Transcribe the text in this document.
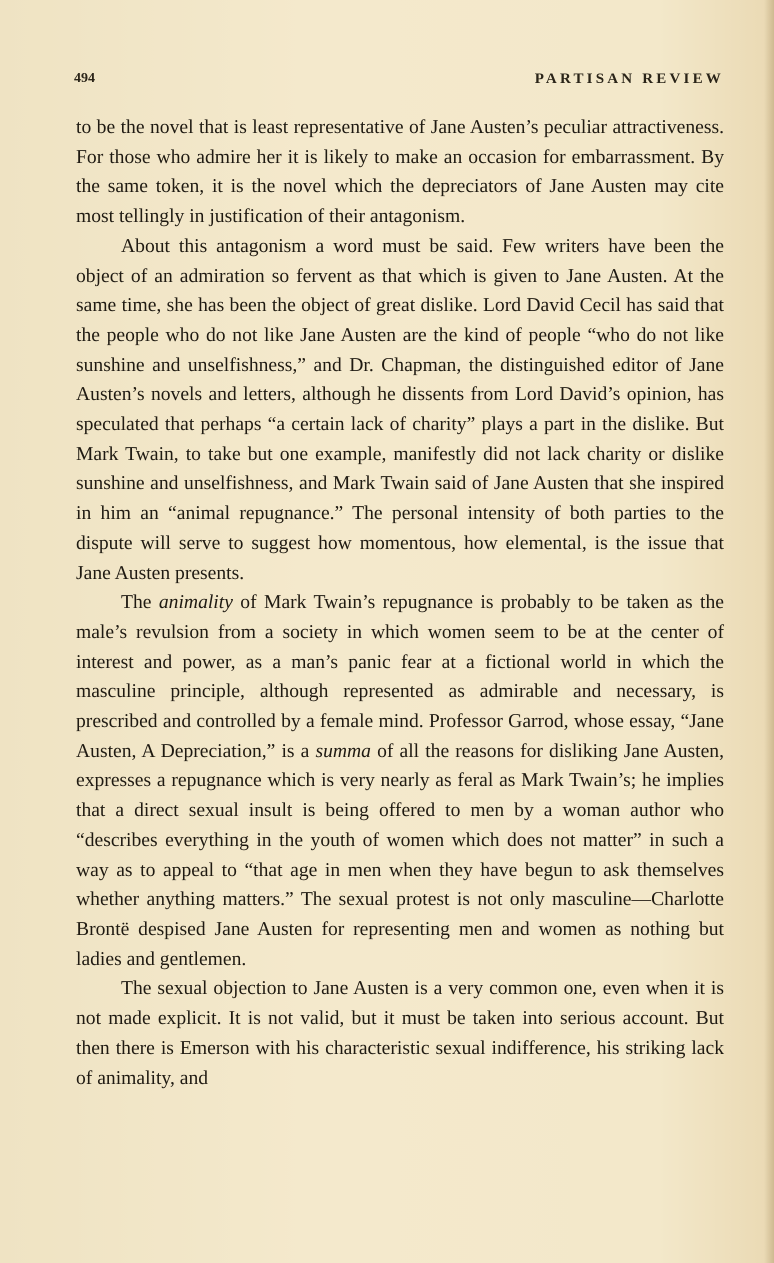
494	PARTISAN REVIEW

to be the novel that is least representative of Jane Austen’s peculiar attractiveness. For those who admire her it is likely to make an occasion for embarrassment. By the same token, it is the novel which the depreciators of Jane Austen may cite most tellingly in justification of their antagonism.

About this antagonism a word must be said. Few writers have been the object of an admiration so fervent as that which is given to Jane Austen. At the same time, she has been the object of great dislike. Lord David Cecil has said that the people who do not like Jane Austen are the kind of people “who do not like sunshine and unselfishness,” and Dr. Chapman, the distinguished editor of Jane Austen’s novels and letters, although he dissents from Lord David’s opinion, has speculated that perhaps “a certain lack of charity” plays a part in the dislike. But Mark Twain, to take but one example, manifestly did not lack charity or dislike sunshine and unselfishness, and Mark Twain said of Jane Austen that she inspired in him an “animal repugnance.” The personal intensity of both parties to the dispute will serve to suggest how momentous, how elemental, is the issue that Jane Austen presents.

The animality of Mark Twain’s repugnance is probably to be taken as the male’s revulsion from a society in which women seem to be at the center of interest and power, as a man’s panic fear at a fictional world in which the masculine principle, although represented as admirable and necessary, is prescribed and controlled by a female mind. Professor Garrod, whose essay, “Jane Austen, A Depreciation,” is a summa of all the reasons for disliking Jane Austen, expresses a repugnance which is very nearly as feral as Mark Twain’s; he implies that a direct sexual insult is being offered to men by a woman author who “describes everything in the youth of women which does not matter” in such a way as to appeal to “that age in men when they have begun to ask themselves whether anything matters.” The sexual protest is not only masculine—Charlotte Brontë despised Jane Austen for representing men and women as nothing but ladies and gentlemen.

The sexual objection to Jane Austen is a very common one, even when it is not made explicit. It is not valid, but it must be taken into serious account. But then there is Emerson with his characteristic sexual indifference, his striking lack of animality, and
